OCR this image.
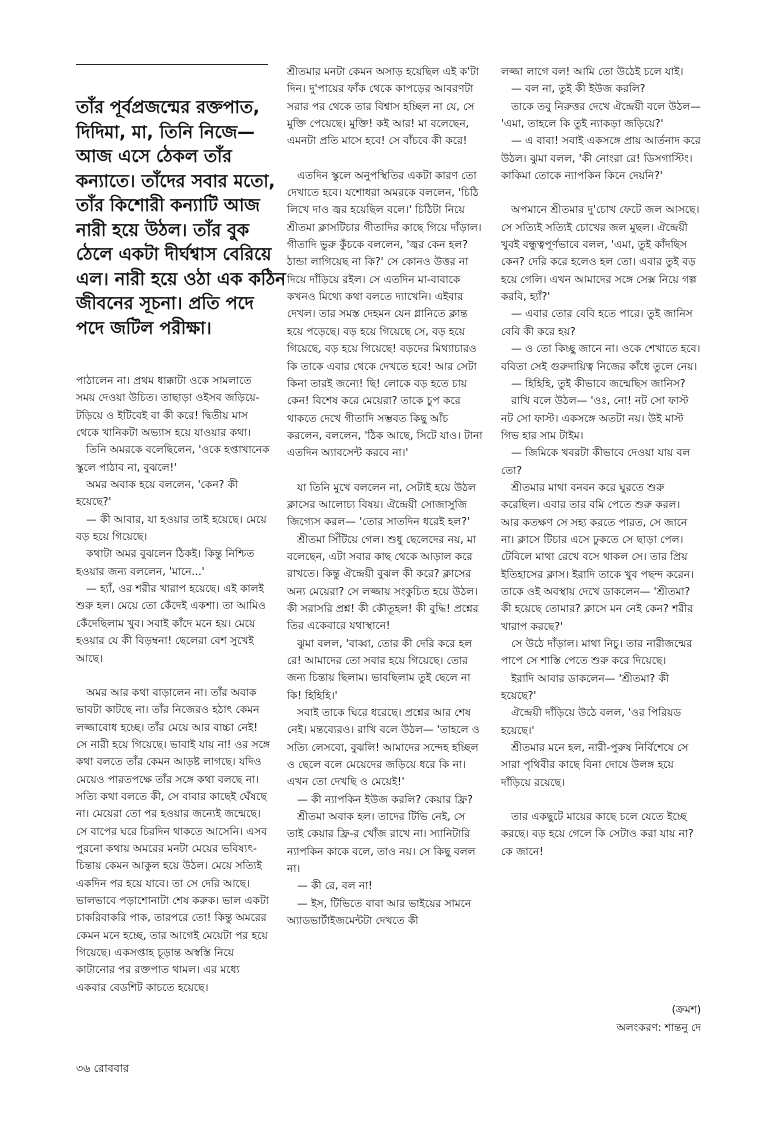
তাঁর পূর্বপ্রজন্মের রক্তপাত, দিদিমা, মা, তিনি নিজে— আজ এসে ঠেকল তাঁর কন্যাতে। তাঁদের সবার মতো, তাঁর কিশোরী কন্যাটি আজ নারী হয়ে উঠল। তাঁর বুক ঠেলে একটা দীর্ঘশ্বাস বেরিয়ে এল। নারী হয়ে ওঠা এক কঠিন জীবনের সূচনা। প্রতি পদে পদে জটিল পরীক্ষা।

পাঠালেন না। প্রথম ধাক্কাটা ওকে সামলাতে সময় দেওয়া উচিত। তাছাড়া ওইসব জড়িয়ে-টড়িয়ে ও ইটিবেই বা কী করে! দ্বিতীয় মাস থেকে খানিকটা অভ্যাস হয়ে যাওয়ার কথা।

তিনি অমরকে বলেছিলেন, 'ওকে হপ্তাখানেক স্কুলে পাঠাব না, বুঝলে!'

অমর অবাক হয়ে বললেন, 'কেন? কী হয়েছে?'

— কী আবার, যা হওয়ার তাই হয়েছে। মেয়ে বড় হয়ে গিয়েছে।

কথাটা অমর বুঝলেন ঠিকই। কিন্তু নিশ্চিত হওয়ার জন্য বললেন, 'মানে...'

— হ্যাঁ, ওর শরীর খারাপ হয়েছে। এই কালই শুরু হল। মেয়ে তো কেঁদেই একশা। তা আমিও কেঁদেছিলাম খুব। সবাই কাঁদে মনে হয়। মেয়ে হওয়ার যে কী বিড়ম্বনা! ছেলেরা বেশ সুখেই আছে।

অমর আর কথা বাড়ালেন না। তাঁর অবাক ভাবটা কাটছে না। তাঁর নিজেরও হঠাৎ কেমন লজ্জাবোধ হচ্ছে। তাঁর মেয়ে আর বাচ্চা নেই! সে নারী হয়ে গিয়েছে। ভাবাই যায় না! ওর সঙ্গে কথা বলতে তাঁর কেমন আড়ষ্ট লাগছে। যদিও মেয়েও পারতপক্ষে তাঁর সঙ্গে কথা বলছে না। সত্যি কথা বলতে কী, সে বাবার কাছেই ঘেঁষছে না। মেয়েরা তো পর হওয়ার জন্যেই জন্মেছে। সে বাপের ঘরে চিরদিন থাকতে আসেনি। এসব পুরনো কথায় অমরের মনটা মেয়ের ভবিষ্যৎ-চিন্তায় কেমন আকুল হয়ে উঠল। মেয়ে সত্যিই একদিন পর হয়ে যাবে। তা সে দেরি আছে। ভালভাবে পড়াশোনাটা শেষ করুক। ভাল একটা চাকরিবাকরি পাক, তারপরে তো! কিন্তু অমরের কেমন মনে হচ্ছে, তার আগেই মেয়েটা পর হয়ে গিয়েছে। একসপ্তাহ চূড়ান্ত অস্বস্তি নিয়ে কাটানোর পর রক্তপাত থামল। এর মধ্যে একবার বেডশিট কাচতে হয়েছে।

শ্রীতমার মনটা কেমন অসাড় হয়েছিল এই ক'টা দিন। দু'পায়ের ফাঁক থেকে কাপড়ের আবরণটা সরার পর থেকে তার বিশ্বাস হচ্ছিল না যে, সে মুক্তি পেয়েছে। মুক্তি! কই আর! মা বলেছেন, এমনটা প্রতি মাসে হবে! সে বাঁচবে কী করে!

এতদিন স্কুলে অনুপস্থিতির একটা কারণ তো দেখাতে হবে। যশোধরা অমরকে বললেন, 'চিঠি লিখে দাও জ্বর হয়েছিল বলে।' চিঠিটা নিয়ে শ্রীতমা ক্লাসটিচার গীতাদির কাছে গিয়ে দাঁড়াল। গীতাদি ভুরু কুঁচকে বললেন, 'জ্বর কেন হল? ঠান্ডা লাগিয়েছ না কি?' সে কোনও উত্তর না দিয়ে দাঁড়িয়ে রইল। সে এতদিন মা-বাবাকে কখনও মিথ্যে কথা বলতে দ্যাখেনি। এইবার দেখল। তার সমস্ত দেহমন যেন গ্লানিতে ক্লান্ত হয়ে পড়েছে। বড় হয়ে গিয়েছে সে, বড় হয়ে গিয়েছে, বড় হয়ে গিয়েছে! বড়দের মিথ্যাচারও কি তাকে এবার থেকে দেখতে হবে! আর সেটা কিনা তারই জন্যে! ছি! লোকে বড় হতে চায় কেন! বিশেষ করে মেয়েরা? তাকে চুপ করে থাকতে দেখে গীতাদি সম্ভবত কিছু আঁচ করলেন, বললেন, 'ঠিক আছে, সিটে যাও। টানা এতদিন অ্যাবসেন্ট করবে না।'

যা তিনি মুখে বললেন না, সেটাই হয়ে উঠল ক্লাসের আলোচ্য বিষয়। ঐন্দ্রেয়ী সোজাসুজি জিগ্যেস করল— 'তোর সাতদিন ধরেই হল?'

শ্রীতমা সিঁটিয়ে গেল। শুধু ছেলেদের নয়, মা বলেছেন, এটা সবার কাছ থেকে আড়াল করে রাখতে। কিন্তু ঐন্দ্রেয়ী বুঝল কী করে? ক্লাসের অন্য মেয়েরা? সে লজ্জায় সংকুচিত হয়ে উঠল। কী সরাসরি প্রশ্ন! কী কৌতূহল! কী বুদ্ধি! প্রশ্নের তির একেবারে যথাস্থানে!

ঝুমা বলল, 'বাব্বা, তোর কী দেরি করে হল রে! আমাদের তো সবার হয়ে গিয়েছে। তোর জন্য চিন্তায় ছিলাম। ভাবছিলাম তুই ছেলে না কি! হিহিহি।'

সবাই তাকে ঘিরে ধরেছে। প্রশ্নের আর শেষ নেই। মন্তব্যেরও। রাখি বলে উঠল— 'তাহলে ও সত্যি লেসবো, বুঝলি! আমাদের সন্দেহ হচ্ছিল ও ছেলে বলে মেয়েদের জড়িয়ে ধরে কি না। এখন তো দেখছি ও মেয়েই!'

— কী ন্যাপকিন ইউজ করলি? কেয়ার ফ্রি?

শ্রীতমা অবাক হল। তাদের টিভি নেই, সে তাই কেয়ার ফ্রি-র খোঁজ রাখে না। স্যানিটারি ন্যাপকিন কাকে বলে, তাও নয়। সে কিছু বলল না।

— কী রে, বল না!

— ইস, টিভিতে বাবা আর ভাইয়ের সামনে অ্যাডভার্টাইজমেন্টটা দেখতে কী

লজ্জা লাগে বল! আমি তো উঠেই চলে যাই।

— বল না, তুই কী ইউজ করলি?

তাকে তবু নিরুত্তর দেখে ঐন্দ্রেয়ী বলে উঠল— 'এমা, তাহলে কি তুই ন্যাকড়া জড়িয়ে?'

— এ বাবা! সবাই একসঙ্গে প্রায় আর্তনাদ করে উঠল। ঝুমা বলল, 'কী নোংরা রে! ডিসগাস্টিং। কাকিমা তোকে ন্যাপকিন কিনে দেয়নি?'

অপমানে শ্রীতমার দু'চোখ ফেটে জল আসছে। সে সত্যিই সত্যিই চোখের জল মুছল। ঐন্দ্রেয়ী খুবই বন্ধুত্বপূর্ণভাবে বলল, 'এমা, তুই কাঁদছিস কেন? দেরি করে হলেও হল তো। এবার তুই বড় হয়ে গেলি। এখন আমাদের সঙ্গে সেক্স নিয়ে গল্প করবি, হ্যাঁ?'

— এবার তোর বেবি হতে পারে। তুই জানিস বেবি কী করে হয়?

— ও তো কিচ্ছু জানে না। ওকে শেখাতে হবে। ববিতা সেই গুরুদায়িত্ব নিজের কাঁধে তুলে নেয়।

— হিহিহি, তুই কীভাবে জন্মেছিস জানিস?

রাখি বলে উঠল— 'ওঃ, নো! নট সো ফাস্ট নট সো ফাস্ট। একসঙ্গে অতটা নয়। উই মাস্ট গিভ হার সাম টাইম।

— জিমিকে খবরটা কীভাবে দেওয়া যায় বল তো?

শ্রীতমার মাথা বনবন করে ঘুরতে শুরু করেছিল। এবার তার বমি পেতে শুরু করল। আর কতক্ষণ সে সহ্য করতে পারত, সে জানে না। ক্লাসে টিচার এসে ঢুকতে সে ছাড়া পেল। টেবিলে মাথা রেখে বসে থাকল সে। তার প্রিয় ইতিহাসের ক্লাস। ইরাদি তাকে খুব পছন্দ করেন। তাকে ওই অবস্থায় দেখে ডাকলেন— 'শ্রীতমা? কী হয়েছে তোমার? ক্লাসে মন নেই কেন? শরীর খারাপ করছে?'

সে উঠে দাঁড়াল। মাথা নিচু। তার নারীজন্মের পাপে সে শাস্তি পেতে শুরু করে দিয়েছে।

ইরাদি আবার ডাকলেন— 'শ্রীতমা? কী হয়েছে?'

ঐন্দ্রেয়ী দাঁড়িয়ে উঠে বলল, 'ওর পিরিয়ড হয়েছে।'

শ্রীতমার মনে হল, নারী-পুরুষ নির্বিশেষে সে সারা পৃথিবীর কাছে বিনা দোষে উলঙ্গ হয়ে দাঁড়িয়ে রয়েছে।

তার একছুটে মায়ের কাছে চলে যেতে ইচ্ছে করছে। বড় হয়ে গেলে কি সেটাও করা যায় না? কে জানে!

(ক্রমশ)
অলংকরণ: শান্তনু দে
৩৬ রোববার
